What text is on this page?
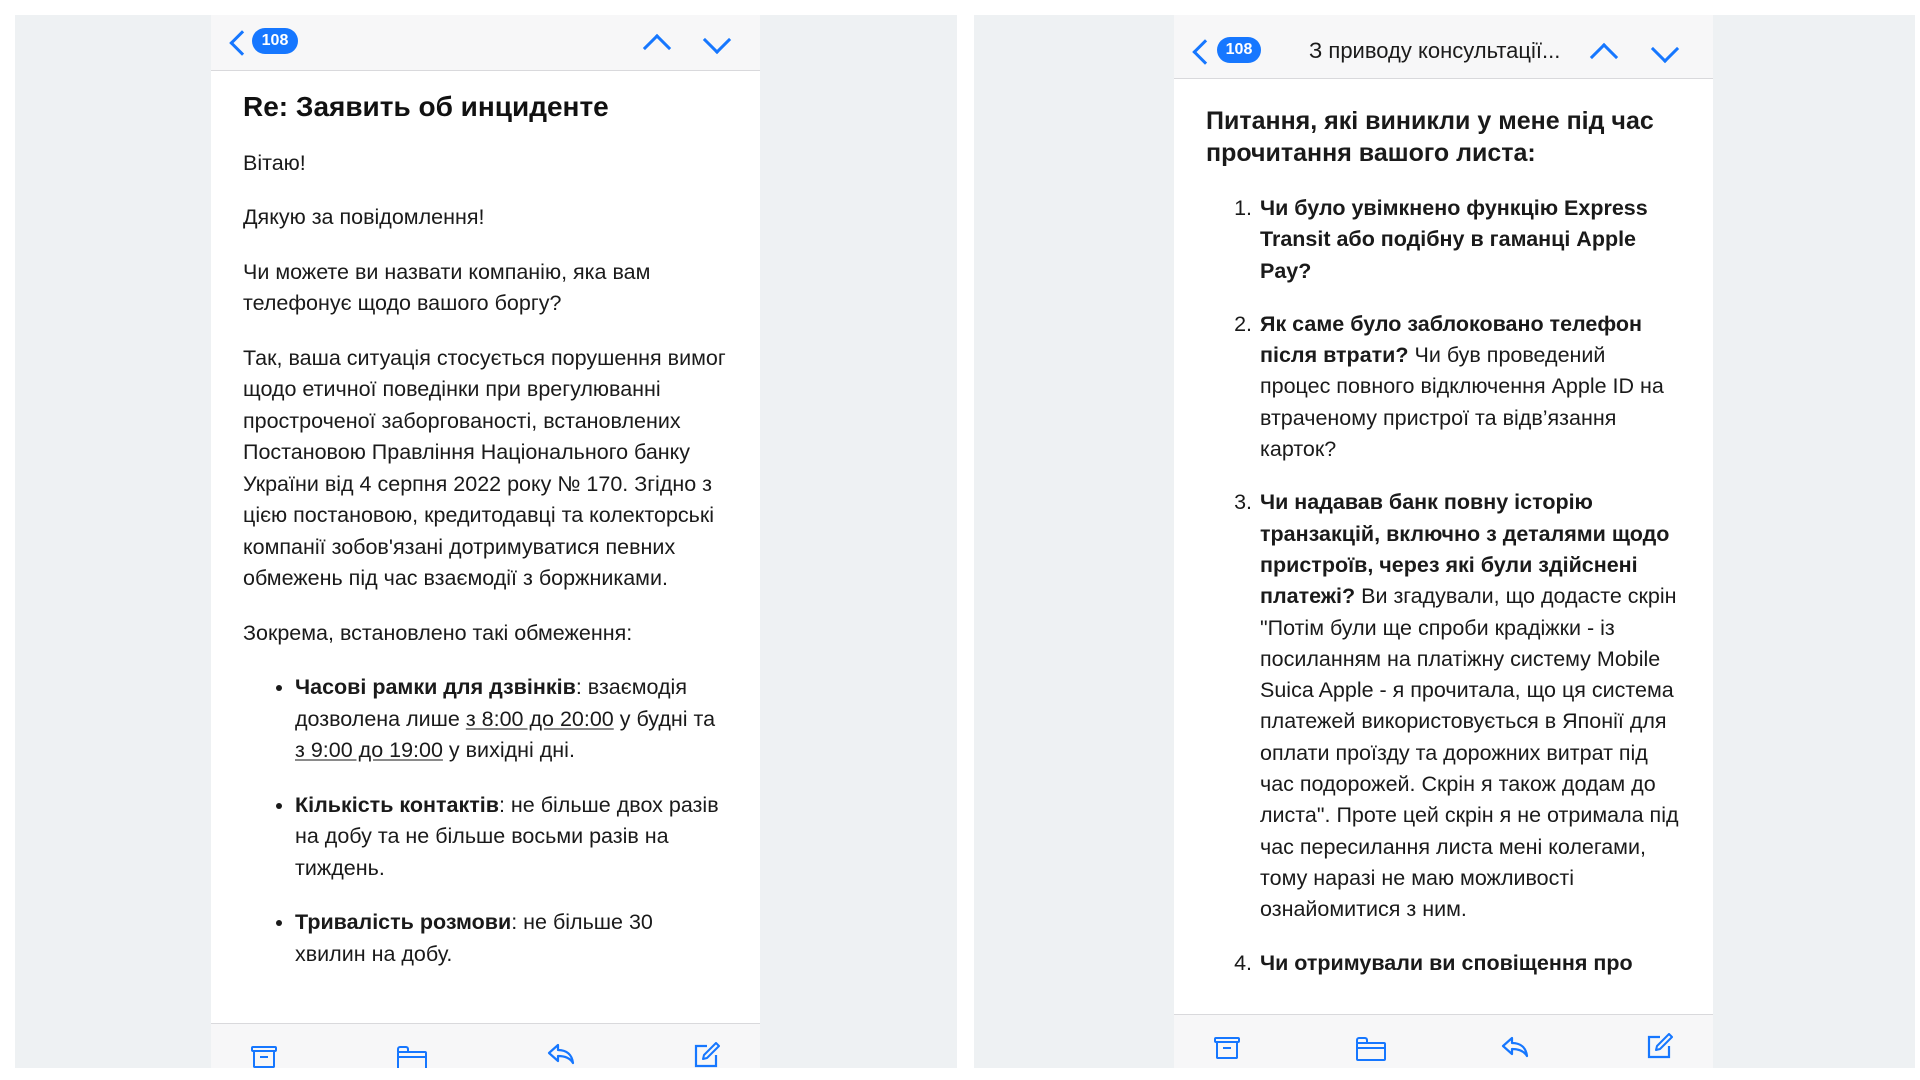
108

Re: Заявить об инциденте

Вітаю!

Дякую за повідомлення!

Чи можете ви назвати компанію, яка вам телефонує щодо вашого боргу?

Так, ваша ситуація стосується порушення вимог щодо етичної поведінки при врегулюванні простроченої заборгованості, встановлених Постановою Правління Національного банку України від 4 серпня 2022 року № 170. Згідно з цією постановою, кредитодавці та колекторські компанії зобов'язані дотримуватися певних обмежень під час взаємодії з боржниками.

Зокрема, встановлено такі обмеження:

• Часові рамки для дзвінків: взаємодія дозволена лише з 8:00 до 20:00 у будні та з 9:00 до 19:00 у вихідні дні.
• Кількість контактів: не більше двох разів на добу та не більше восьми разів на тиждень.
• Тривалість розмови: не більше 30 хвилин на добу.
108	З приводу консультації...

Питання, які виникли у мене під час прочитання вашого листа:

1. Чи було увімкнено функцію Express Transit або подібну в гаманці Apple Pay?
2. Як саме було заблоковано телефон після втрати? Чи був проведений процес повного відключення Apple ID на втраченому пристрої та відв’язання карток?
3. Чи надавав банк повну історію транзакцій, включно з деталями щодо пристроїв, через які були здійснені платежі? Ви згадували, що додасте скрін "Потім були ще спроби крадіжки - із посиланням на платіжну систему Mobile Suica Apple - я прочитала, що ця система платежей використовується в Японії для оплати проїзду та дорожних витрат під час подорожей. Скрін я також додам до листа". Проте цей скрін я не отримала під час пересилання листа мені колегами, тому наразі не маю можливості ознайомитися з ним.
4. Чи отримували ви сповіщення про
